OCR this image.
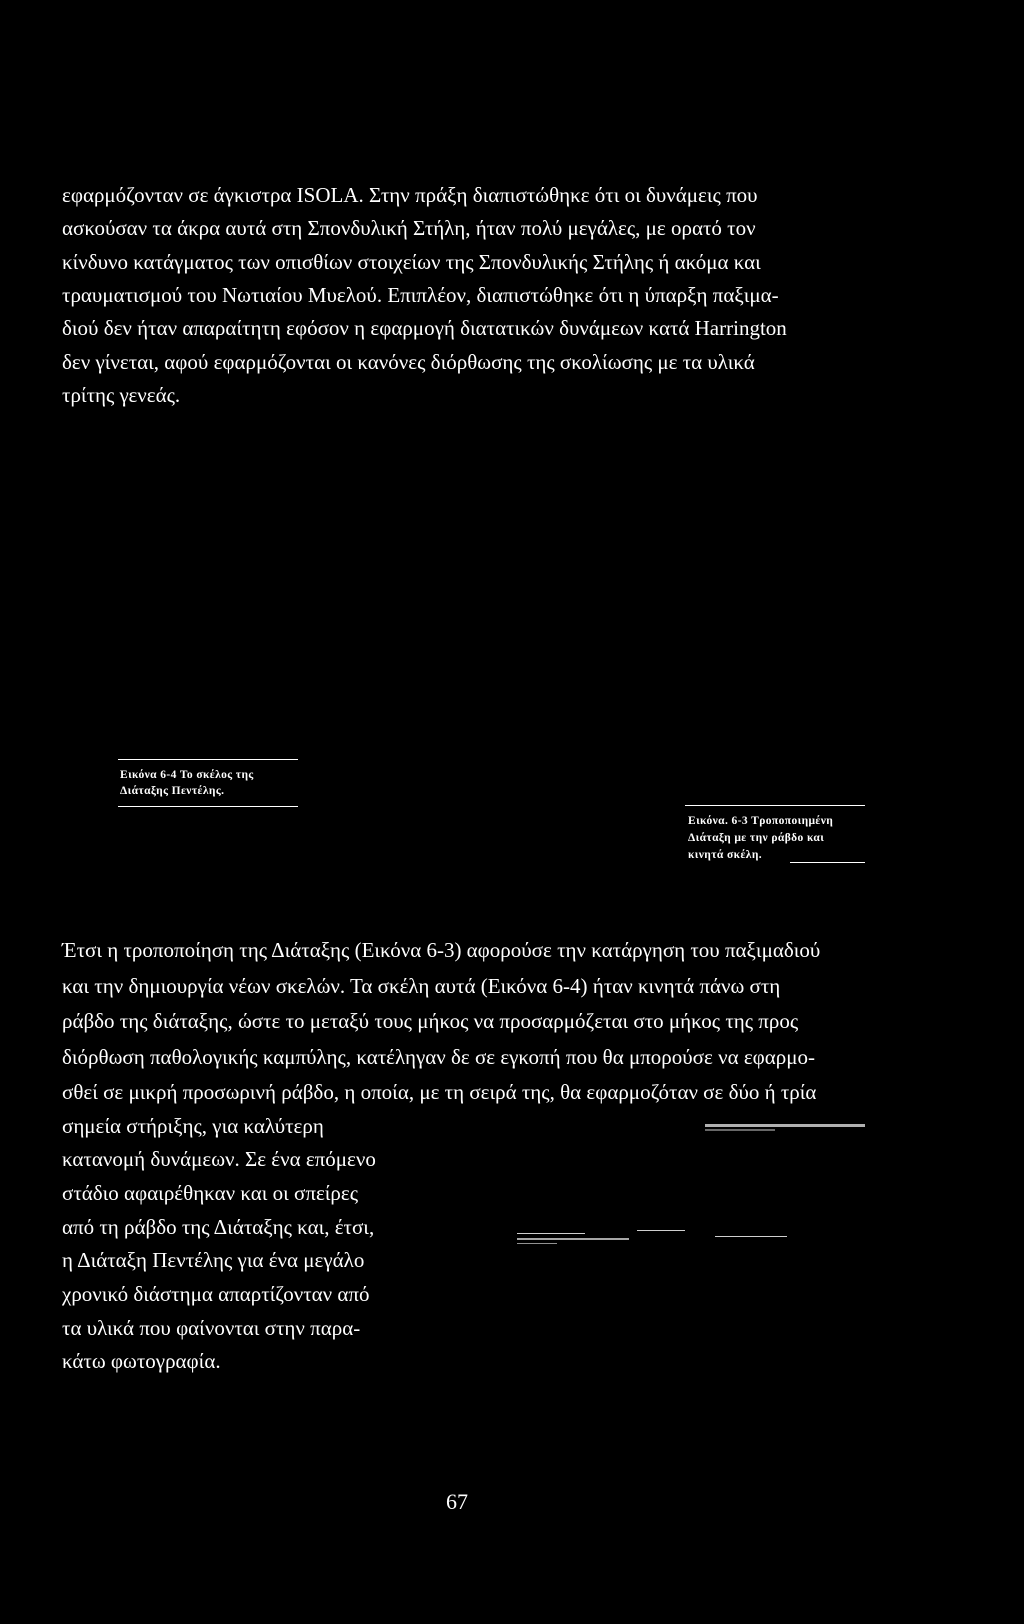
εφαρμόζονταν σε άγκιστρα ISOLA. Στην πράξη διαπιστώθηκε ότι οι δυνάμεις που

ασκούσαν τα άκρα αυτά στη Σπονδυλική Στήλη, ήταν πολύ μεγάλες, με ορατό τον

κίνδυνο κατάγματος των οπισθίων στοιχείων της Σπονδυλικής Στήλης ή ακόμα και

τραυματισμού του Νωτιαίου Μυελού. Επιπλέον, διαπιστώθηκε ότι η ύπαρξη παξιμα-

διού δεν ήταν απαραίτητη εφόσον η εφαρμογή διατατικών δυνάμεων κατά Harrington

δεν γίνεται, αφού εφαρμόζονται οι κανόνες διόρθωσης της σκολίωσης με τα υλικά

τρίτης γενεάς.

Εικόνα 6-4 Το σκέλος της
Διάταξης Πεντέλης.
Εικόνα. 6-3 Τροποποιημένη
Διάταξη με την ράβδο και
κινητά σκέλη.

Έτσι η τροποποίηση της Διάταξης (Εικόνα 6-3) αφορούσε την κατάργηση του παξιμαδιού

και την δημιουργία νέων σκελών. Τα σκέλη αυτά (Εικόνα 6-4) ήταν κινητά πάνω στη

ράβδο της διάταξης, ώστε το μεταξύ τους μήκος να προσαρμόζεται στο μήκος της προς

διόρθωση παθολογικής καμπύλης, κατέληγαν δε σε εγκοπή που θα μπορούσε να εφαρμο-

σθεί σε μικρή προσωρινή ράβδο, η οποία, με τη σειρά της, θα εφαρμοζόταν σε δύο ή τρία

σημεία στήριξης, για καλύτερη

κατανομή δυνάμεων. Σε ένα επόμενο

στάδιο αφαιρέθηκαν και οι σπείρες

από τη ράβδο της Διάταξης και, έτσι,

η Διάταξη Πεντέλης για ένα μεγάλο

χρονικό διάστημα απαρτίζονταν από

τα υλικά που φαίνονται στην παρα-

κάτω φωτογραφία.

67
